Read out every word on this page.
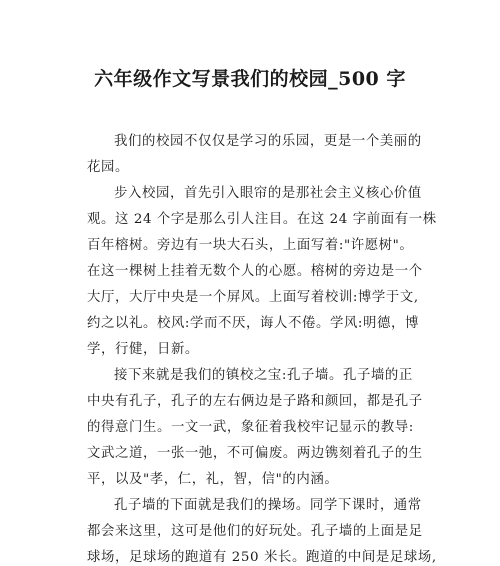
六年级作文写景我们的校园_500 字

我们的校园不仅仅是学习的乐园，更是一个美丽的
花园。

步入校园，首先引入眼帘的是那社会主义核心价值
观。这 24 个字是那么引人注目。在这 24 字前面有一株
百年榕树。旁边有一块大石头，上面写着:"许愿树"。
在这一棵树上挂着无数个人的心愿。榕树的旁边是一个
大厅，大厅中央是一个屏风。上面写着校训:博学于文,
约之以礼。校风:学而不厌，诲人不倦。学风:明德，博
学，行健，日新。

接下来就是我们的镇校之宝:孔子墙。孔子墙的正
中央有孔子，孔子的左右俩边是子路和颜回，都是孔子
的得意门生。一文一武，象征着我校牢记显示的教导:
文武之道，一张一弛，不可偏废。两边镌刻着孔子的生
平，以及"孝，仁，礼，智，信"的内涵。

孔子墙的下面就是我们的操场。同学下课时，通常
都会来这里，这可是他们的好玩处。孔子墙的上面是足
球场，足球场的跑道有 250 米长。跑道的中间是足球场,
